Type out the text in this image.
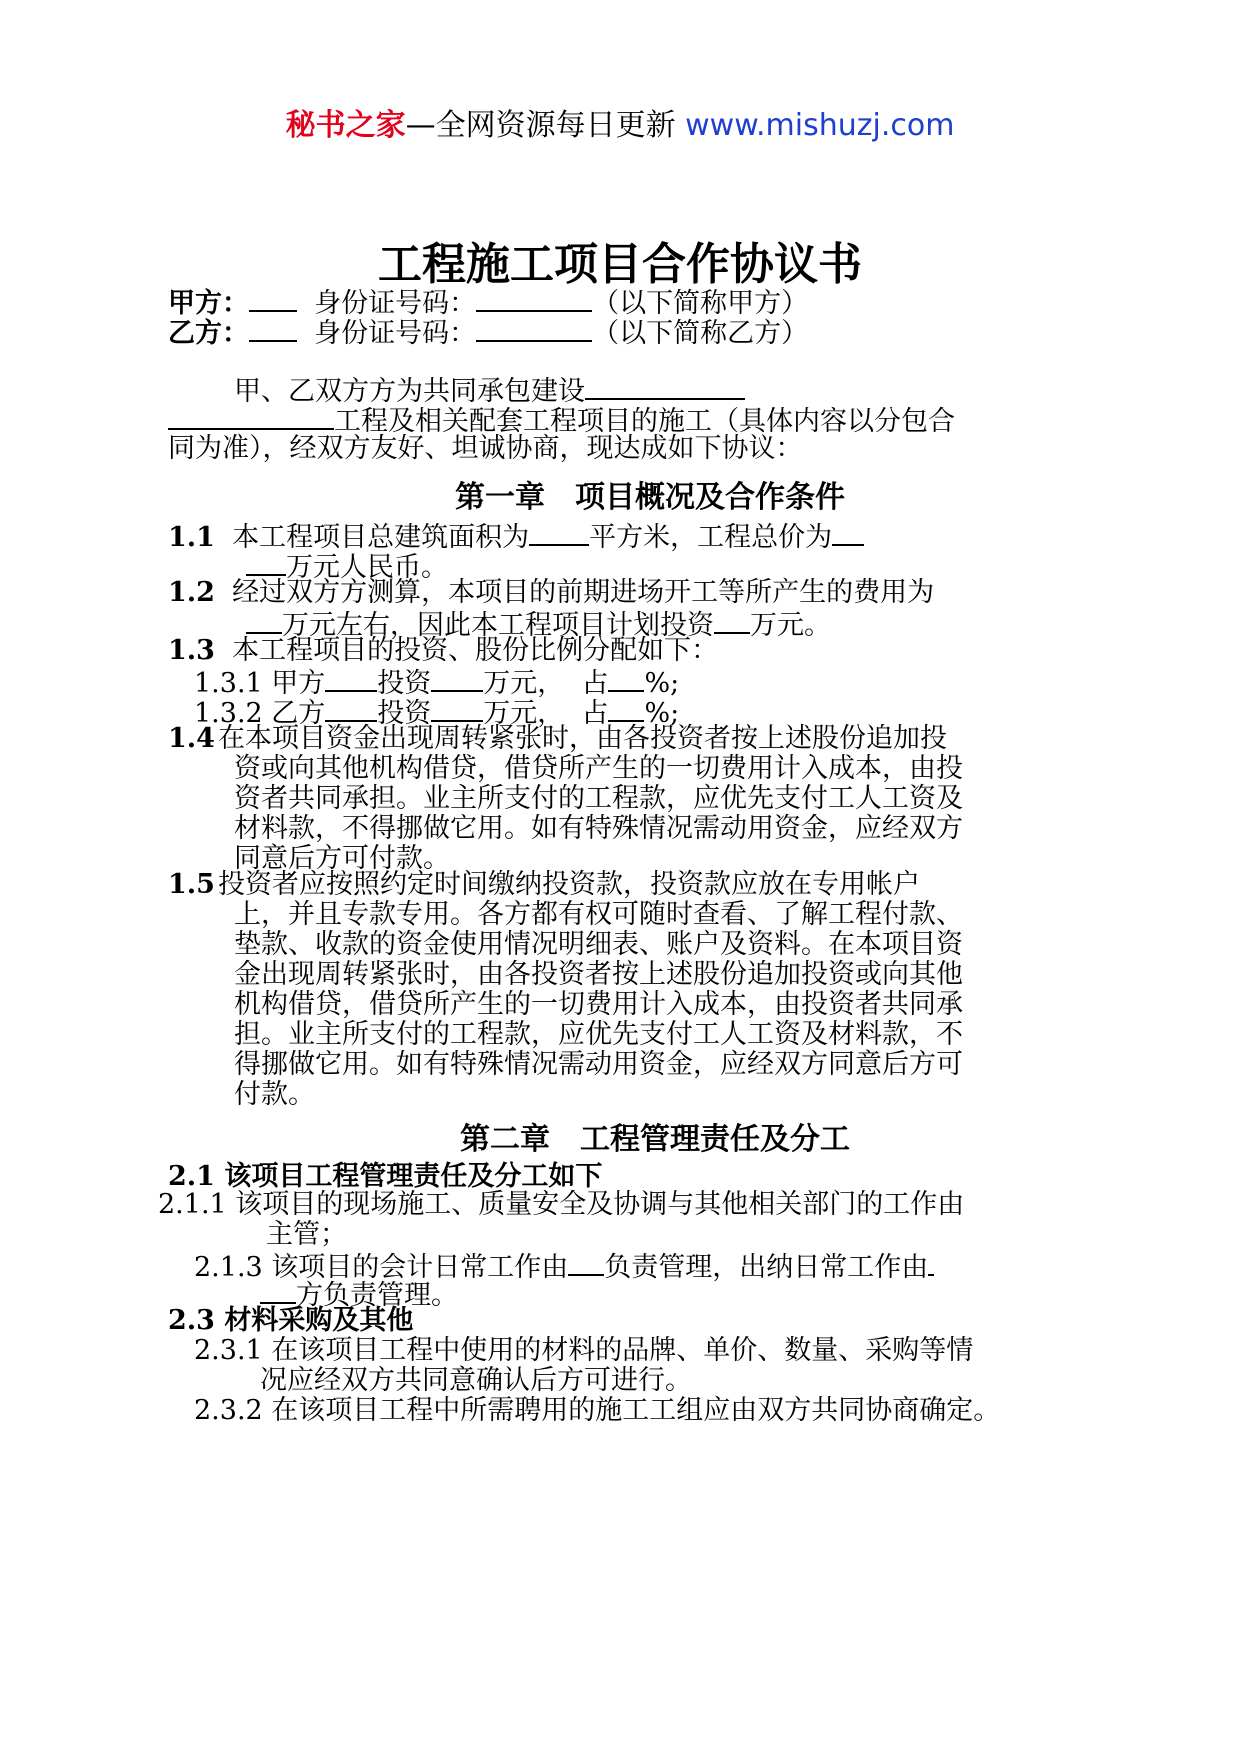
秘书之家—全网资源每日更新 www.mishuzj.com
工程施工项目合作协议书
甲方： 身份证号码：	（以下简称甲方）
乙方： 身份证号码：	（以下简称乙方）
甲、乙双方方为共同承包建设
工程及相关配套工程项目的施工（具体内容以分包合
同为准），经双方友好、坦诚协商，现达成如下协议：
第一章　项目概况及合作条件
1.1 本工程项目总建筑面积为 平方米，工程总价为
万元人民币。
1.2 经过双方方测算，本项目的前期进场开工等所产生的费用为
万元左右，因此本工程项目计划投资 万元。
1.3 本工程项目的投资、股份比例分配如下：
1.3.1 甲方 投资 万元， 占 %;
1.3.2 乙方 投资 万元， 占 %;
1.4 在本项目资金出现周转紧张时，由各投资者按上述股份追加投
资或向其他机构借贷，借贷所产生的一切费用计入成本，由投
资者共同承担。业主所支付的工程款，应优先支付工人工资及
材料款，不得挪做它用。如有特殊情况需动用资金，应经双方
同意后方可付款。
1.5 投资者应按照约定时间缴纳投资款，投资款应放在专用帐户
上，并且专款专用。各方都有权可随时查看、了解工程付款、
垫款、收款的资金使用情况明细表、账户及资料。在本项目资
金出现周转紧张时，由各投资者按上述股份追加投资或向其他
机构借贷，借贷所产生的一切费用计入成本，由投资者共同承
担。业主所支付的工程款，应优先支付工人工资及材料款，不
得挪做它用。如有特殊情况需动用资金，应经双方同意后方可
付款。
第二章　工程管理责任及分工
2.1 该项目工程管理责任及分工如下
2.1.1 该项目的现场施工、质量安全及协调与其他相关部门的工作由
主管；
2.1.3 该项目的会计日常工作由 负责管理，出纳日常工作由
方负责管理。
2.3 材料采购及其他
2.3.1 在该项目工程中使用的材料的品牌、单价、数量、采购等情
况应经双方共同意确认后方可进行。
2.3.2 在该项目工程中所需聘用的施工工组应由双方共同协商确定。
